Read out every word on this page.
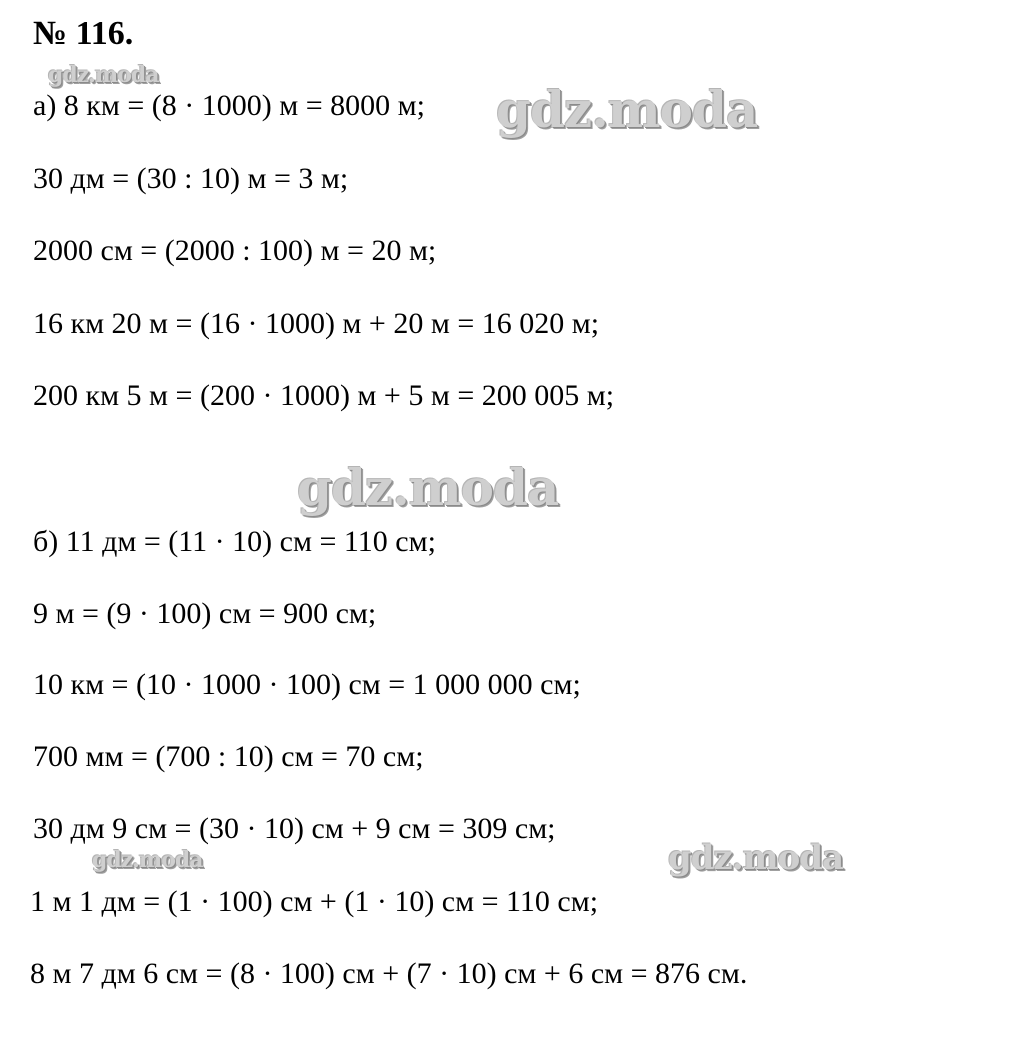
№ 116.
а) 8 км = (8 · 1000) м = 8000 м;
30 дм = (30 : 10) м = 3 м;
2000 см = (2000 : 100) м = 20 м;
16 км 20 м = (16 · 1000) м + 20 м = 16 020 м;
200 км 5 м = (200 · 1000) м + 5 м = 200 005 м;
б) 11 дм = (11 · 10) см = 110 см;
9 м = (9 · 100) см = 900 см;
10 км = (10 · 1000 · 100) см = 1 000 000 см;
700 мм = (700 : 10) см = 70 см;
30 дм 9 см = (30 · 10) см + 9 см = 309 см;
1 м 1 дм = (1 · 100) см + (1 · 10) см = 110 см;
8 м 7 дм 6 см = (8 · 100) см + (7 · 10) см + 6 см = 876 см.
gdz.moda
gdz.moda
gdz.moda
gdz.moda	gdz.moda
